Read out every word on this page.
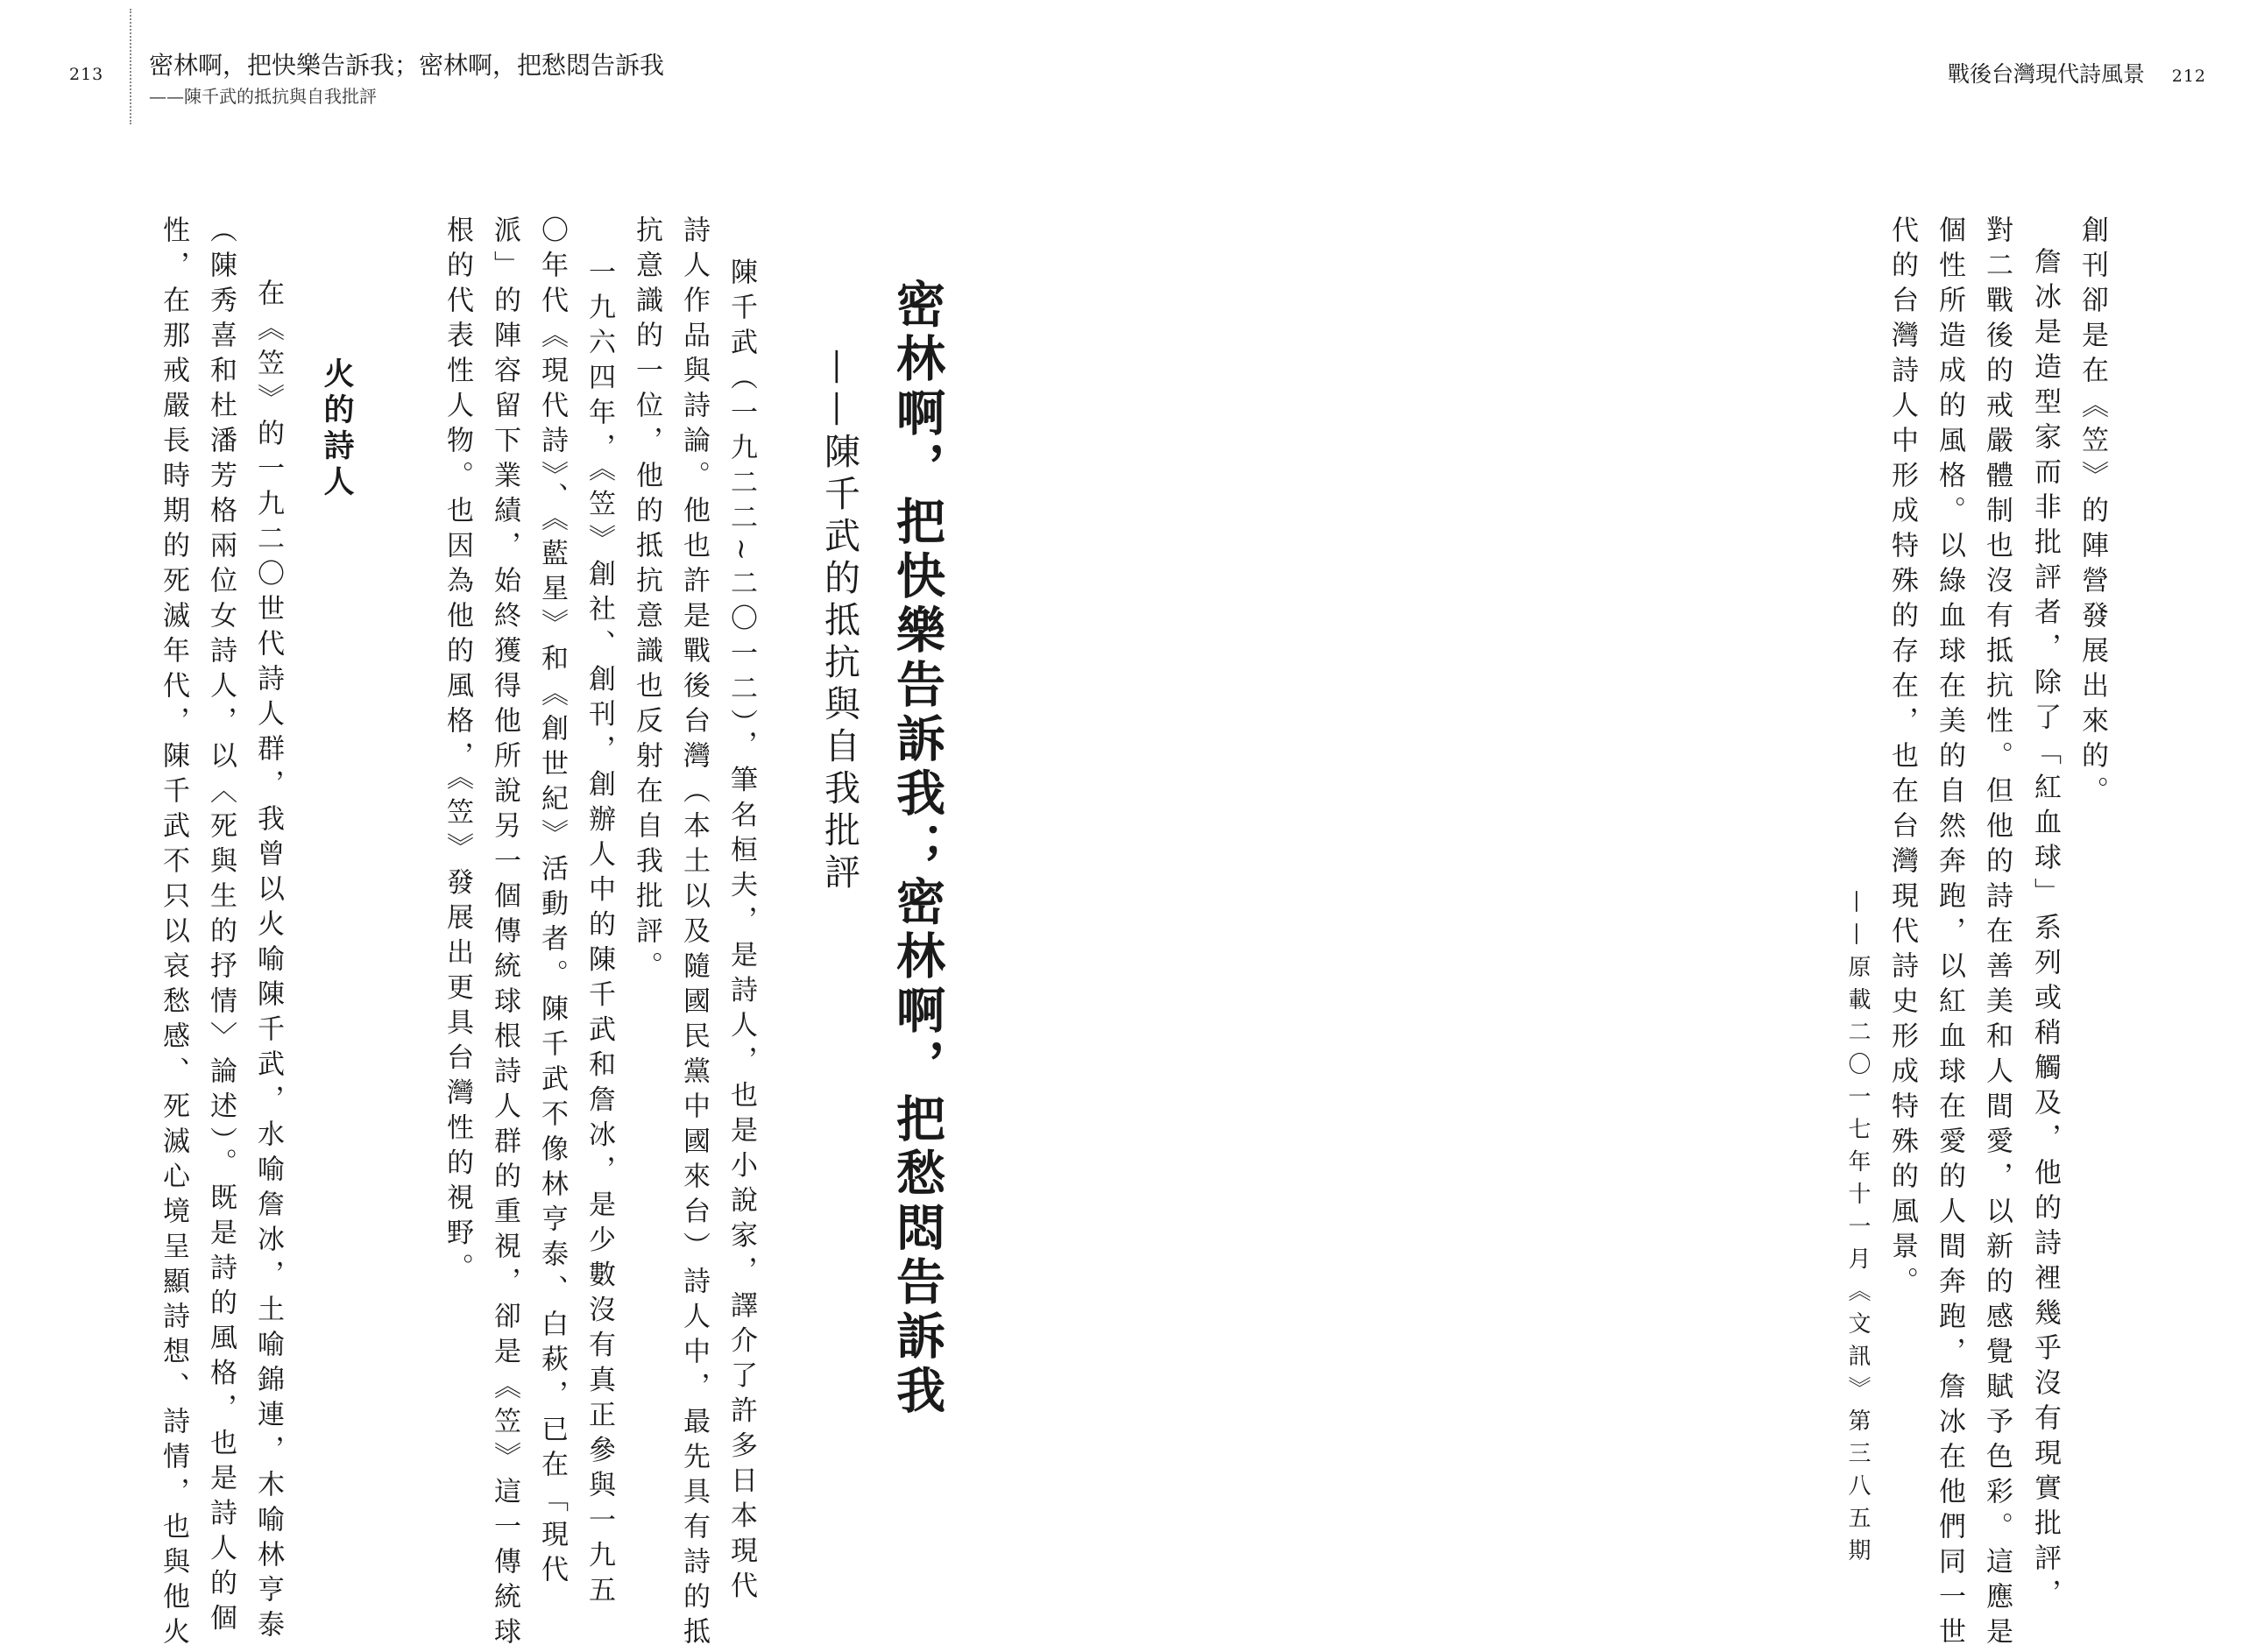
213 密林啊，把快樂告訴我；密林啊，把愁悶告訴我
——陳千武的抵抗與自我批評
戰後台灣現代詩風景 212
創刊卻是在《笠》的陣營發展出來的。
詹冰是造型家而非批評者，除了「紅血球」系列或稍觸及，他的詩裡幾乎沒有現實批評，
對二戰後的戒嚴體制也沒有抵抗性。但他的詩在善美和人間愛，以新的感覺賦予色彩。這應是
個性所造成的風格。以綠血球在美的自然奔跑，以紅血球在愛的人間奔跑，詹冰在他們同一世
代的台灣詩人中形成特殊的存在，也在台灣現代詩史形成特殊的風景。
——原載二〇一七年十一月《文訊》第三八五期
密林啊，把快樂告訴我；密林啊，把愁悶告訴我
——陳千武的抵抗與自我批評
陳千武（一九二二~二〇一二），筆名桓夫，是詩人，也是小說家，譯介了許多日本現代
詩人作品與詩論。他也許是戰後台灣（本土以及隨國民黨中國來台）詩人中，最先具有詩的抵
抗意識的一位，他的抵抗意識也反射在自我批評。
一九六四年，《笠》創社、創刊，創辦人中的陳千武和詹冰，是少數沒有真正參與一九五
〇年代《現代詩》、《藍星》和《創世紀》活動者。陳千武不像林亨泰、白萩，已在「現代
派」的陣容留下業績，始終獲得他所說另一個傳統球根詩人群的重視，卻是《笠》這一傳統球
根的代表性人物。也因為他的風格，《笠》發展出更具台灣性的視野。
火的詩人
在《笠》的一九二〇世代詩人群，我曾以火喻陳千武，水喻詹冰，土喻錦連，木喻林亨泰
（陳秀喜和杜潘芳格兩位女詩人，以〈死與生的抒情〉論述）。既是詩的風格，也是詩人的個
性，在那戒嚴長時期的死滅年代，陳千武不只以哀愁感、死滅心境呈顯詩想、詩情，也與他火
